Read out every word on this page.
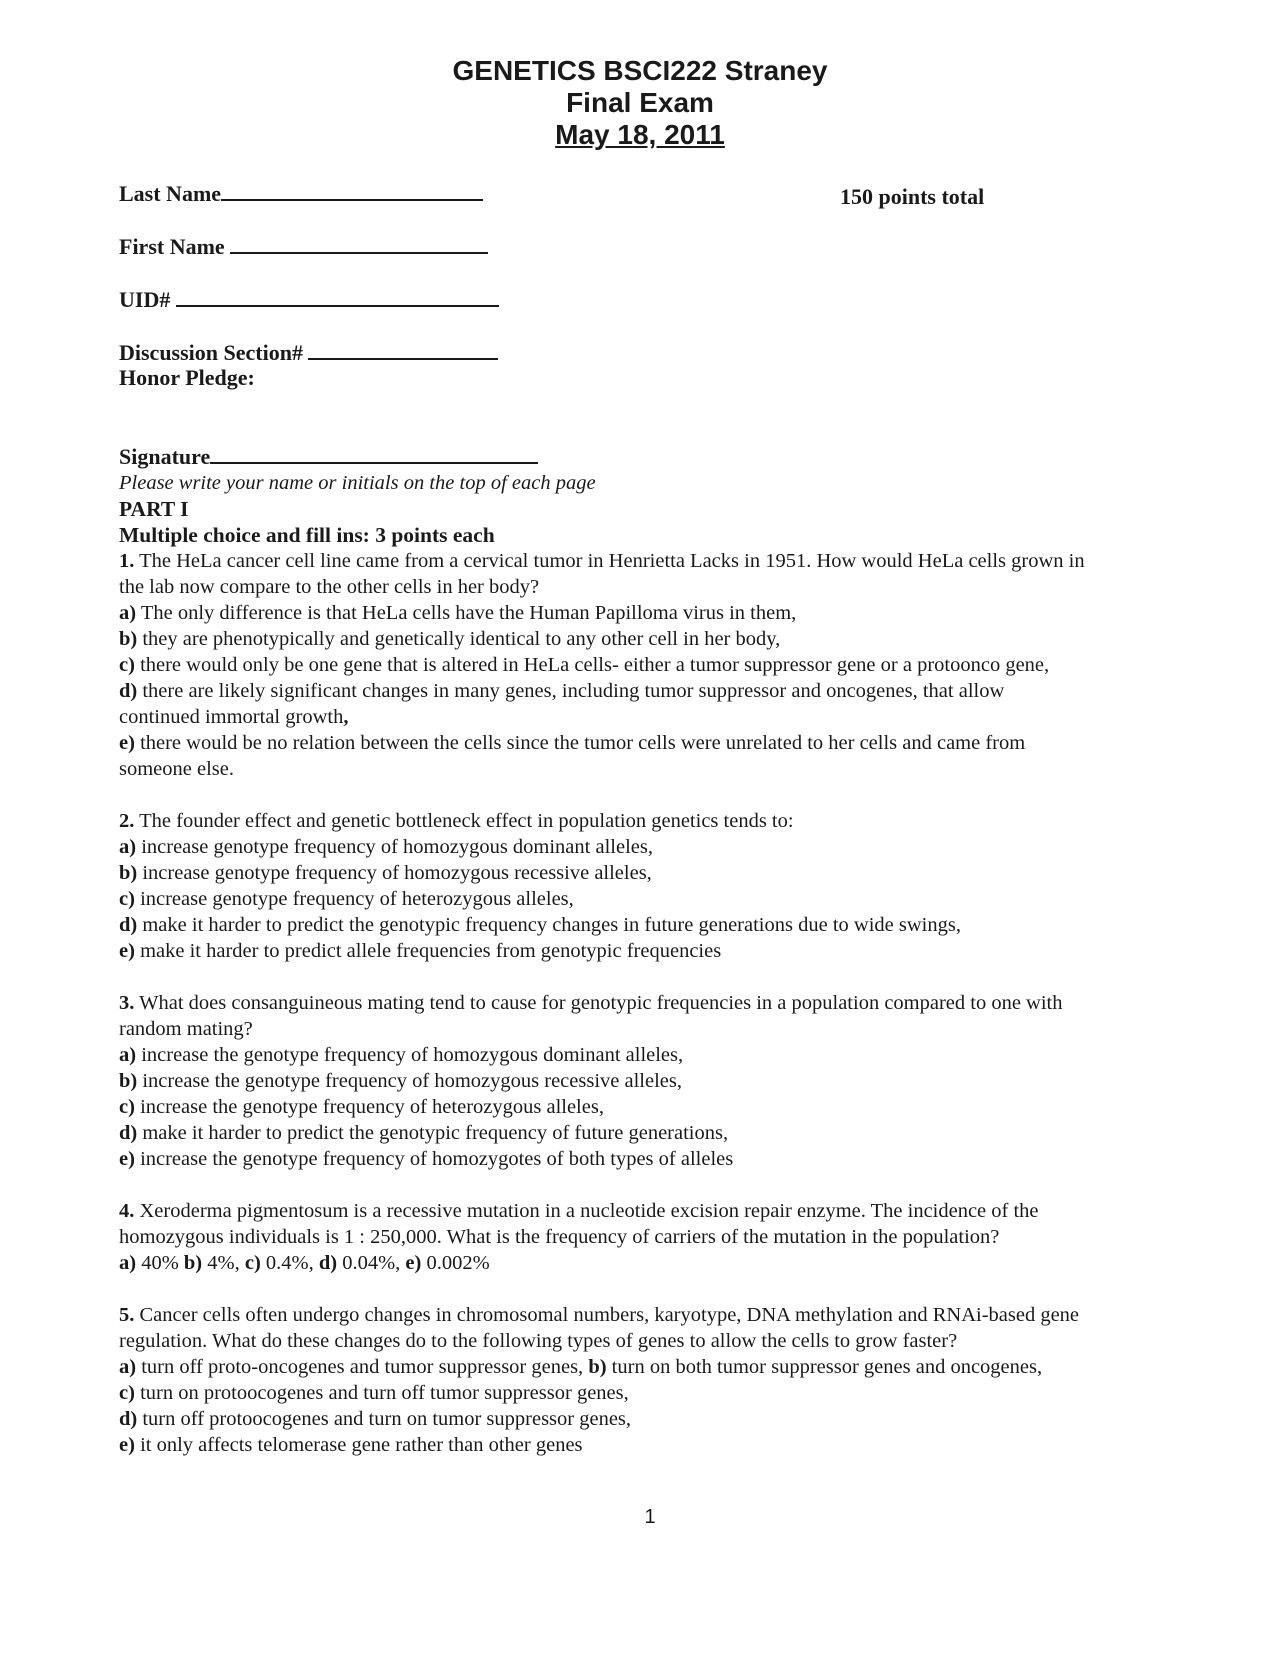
GENETICS BSCI222 Straney
Final Exam
May 18, 2011
Last Name	150 points total
First Name
UID#
Discussion Section#
Honor Pledge:
Signature
Please write your name or initials on the top of each page
PART I
Multiple choice and fill ins: 3 points each
1. The HeLa cancer cell line came from a cervical tumor in Henrietta Lacks in 1951. How would HeLa cells grown in
the lab now compare to the other cells in her body?
a) The only difference is that HeLa cells have the Human Papilloma virus in them,
b) they are phenotypically and genetically identical to any other cell in her body,
c) there would only be one gene that is altered in HeLa cells- either a tumor suppressor gene or a protoonco gene,
d) there are likely significant changes in many genes, including tumor suppressor and oncogenes, that allow
continued immortal growth,
e) there would be no relation between the cells since the tumor cells were unrelated to her cells and came from
someone else.
2. The founder effect and genetic bottleneck effect in population genetics tends to:
a) increase genotype frequency of homozygous dominant alleles,
b) increase genotype frequency of homozygous recessive alleles,
c) increase genotype frequency of heterozygous alleles,
d) make it harder to predict the genotypic frequency changes in future generations due to wide swings,
e) make it harder to predict allele frequencies from genotypic frequencies
3. What does consanguineous mating tend to cause for genotypic frequencies in a population compared to one with
random mating?
a) increase the genotype frequency of homozygous dominant alleles,
b) increase the genotype frequency of homozygous recessive alleles,
c) increase the genotype frequency of heterozygous alleles,
d) make it harder to predict the genotypic frequency of future generations,
e) increase the genotype frequency of homozygotes of both types of alleles
4. Xeroderma pigmentosum is a recessive mutation in a nucleotide excision repair enzyme. The incidence of the
homozygous individuals is 1 : 250,000. What is the frequency of carriers of the mutation in the population?
a) 40% b) 4%, c) 0.4%, d) 0.04%, e) 0.002%
5. Cancer cells often undergo changes in chromosomal numbers, karyotype, DNA methylation and RNAi-based gene
regulation. What do these changes do to the following types of genes to allow the cells to grow faster?
a) turn off proto-oncogenes and tumor suppressor genes, b) turn on both tumor suppressor genes and oncogenes,
c) turn on protoocogenes and turn off tumor suppressor genes,
d) turn off protoocogenes and turn on tumor suppressor genes,
e) it only affects telomerase gene rather than other genes
1
